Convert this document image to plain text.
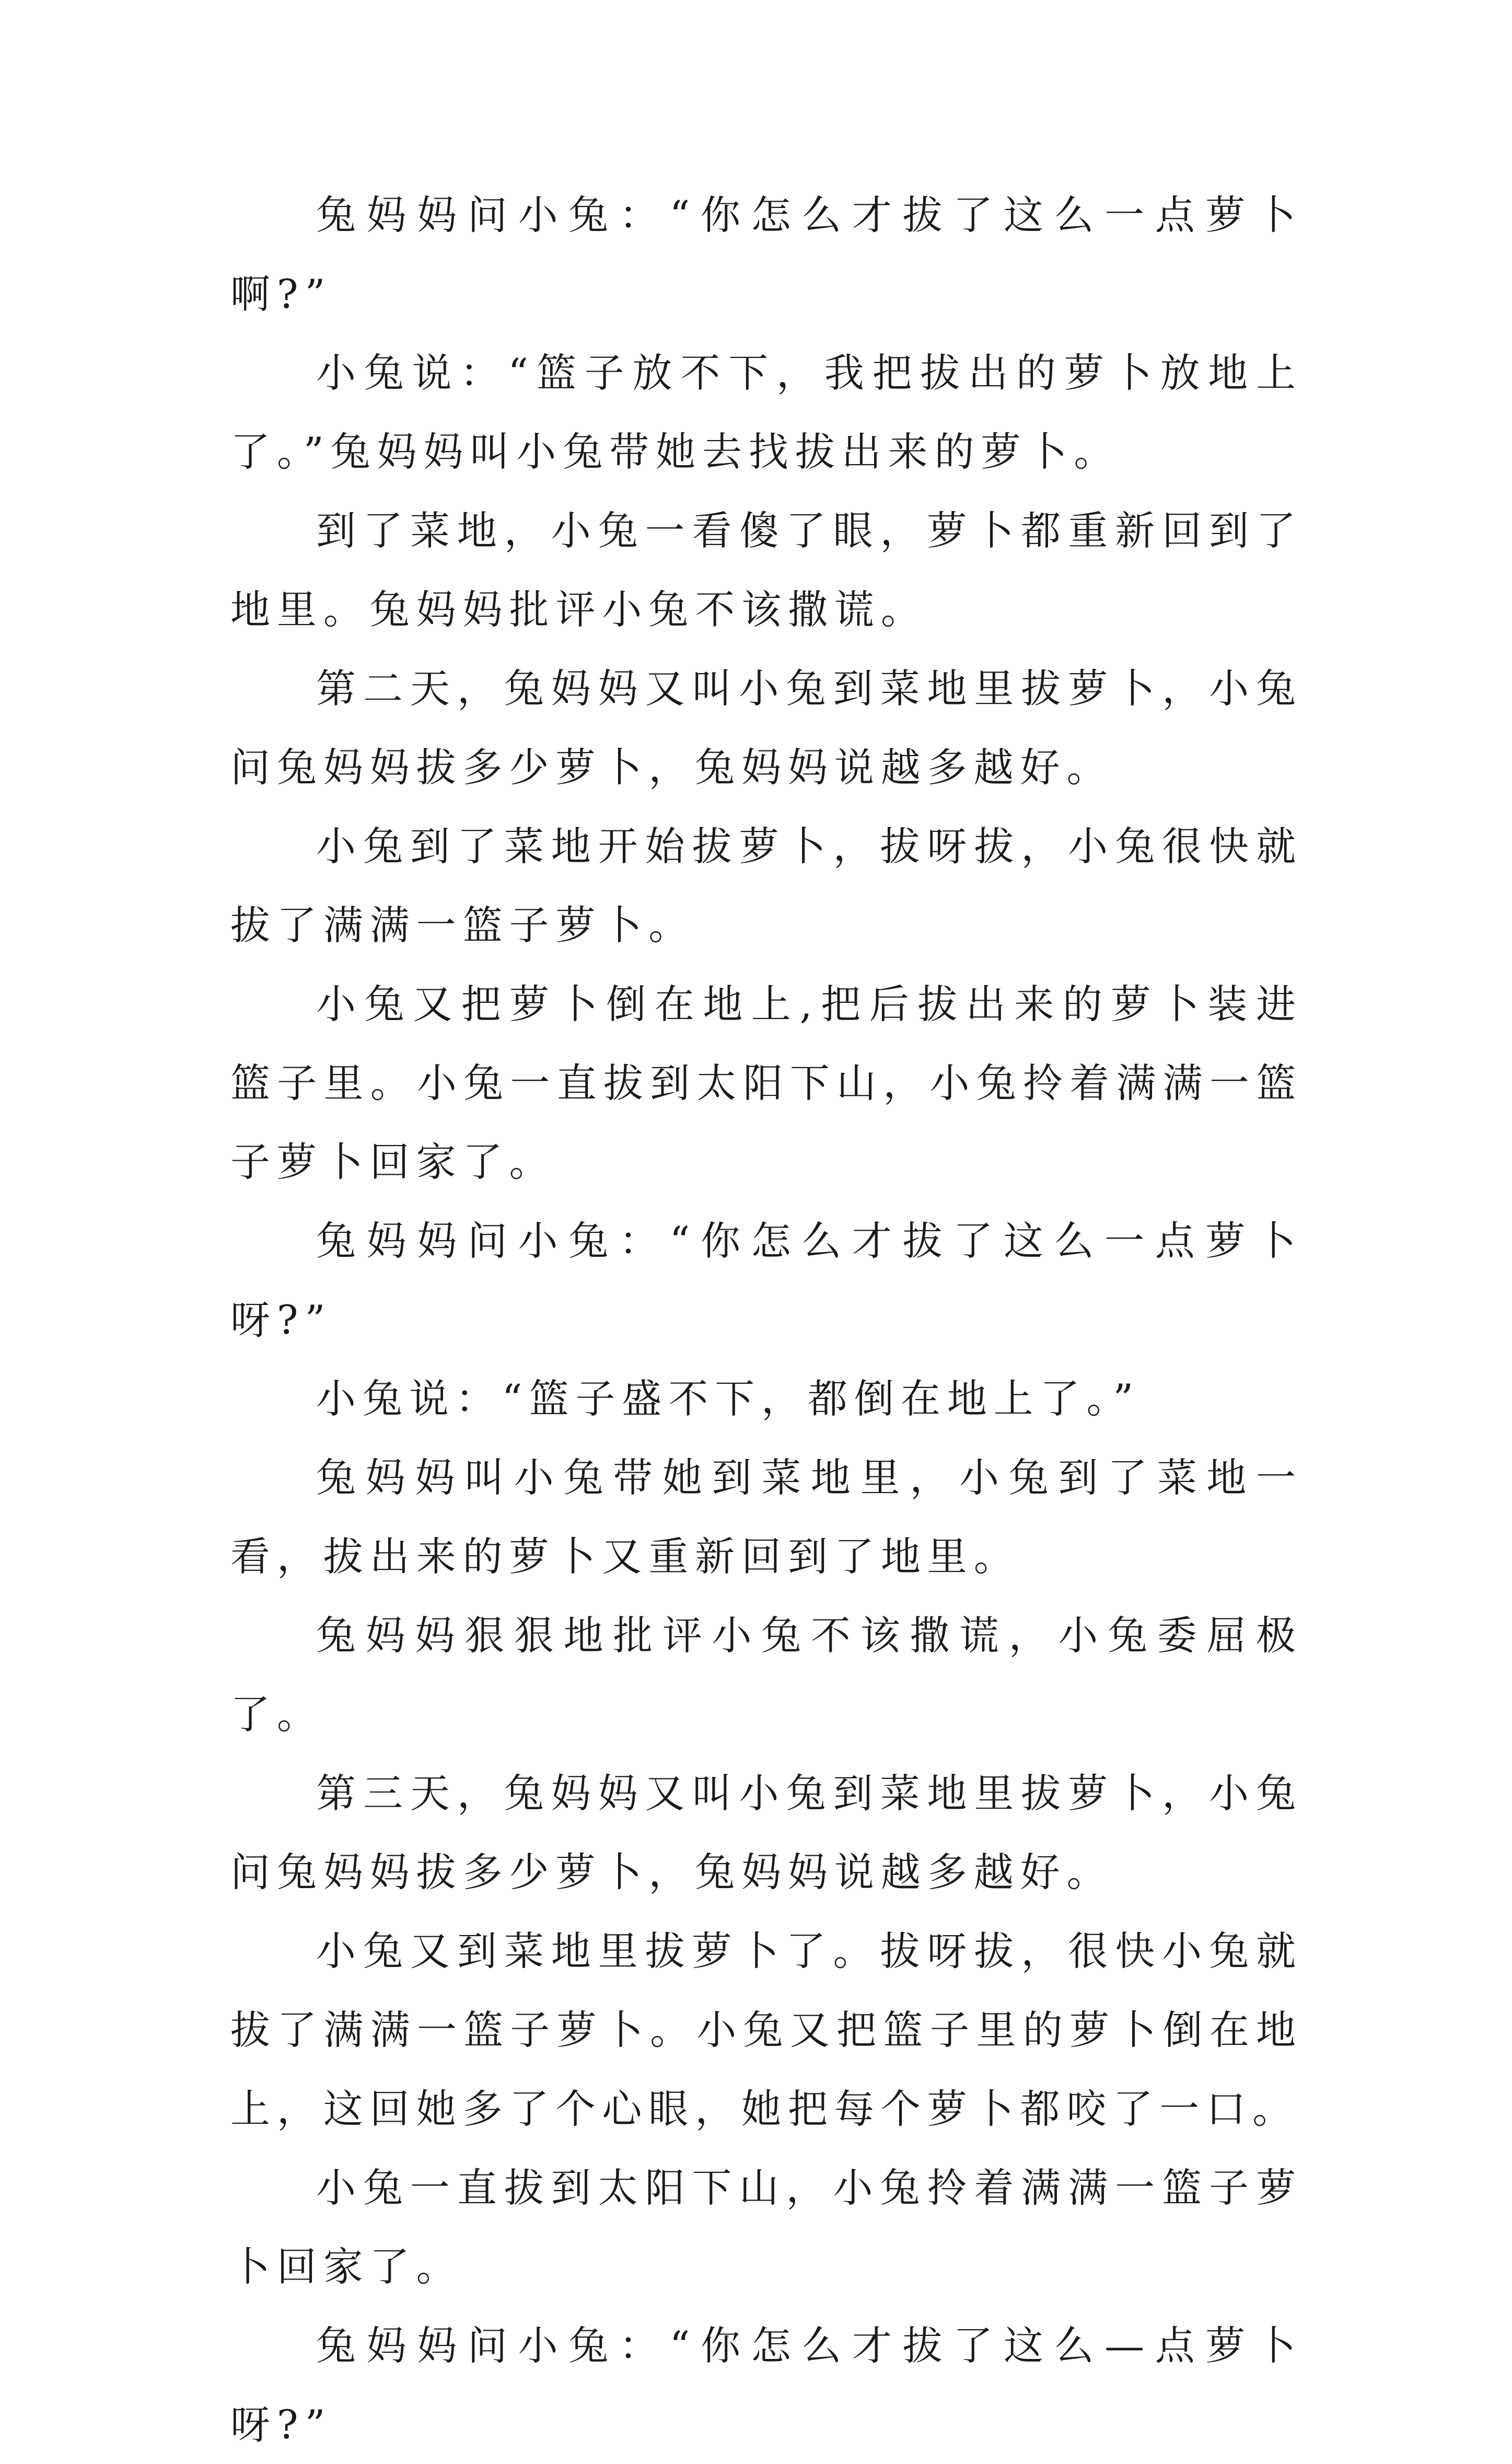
兔妈妈问小兔：“你怎么才拔了这么一点萝卜啊?”

小兔说：“篮子放不下，我把拔出的萝卜放地上了。”兔妈妈叫小兔带她去找拔出来的萝卜。

到了菜地，小兔一看傻了眼，萝卜都重新回到了地里。兔妈妈批评小兔不该撒谎。

第二天，兔妈妈又叫小兔到菜地里拔萝卜，小兔问兔妈妈拔多少萝卜，兔妈妈说越多越好。

小兔到了菜地开始拔萝卜，拔呀拔，小兔很快就拔了满满一篮子萝卜。

小兔又把萝卜倒在地上,把后拔出来的萝卜装进篮子里。小兔一直拔到太阳下山，小兔拎着满满一篮子萝卜回家了。

兔妈妈问小兔：“你怎么才拔了这么一点萝卜呀?”

小兔说：“篮子盛不下，都倒在地上了。”

兔妈妈叫小兔带她到菜地里，小兔到了菜地一看，拔出来的萝卜又重新回到了地里。

兔妈妈狠狠地批评小兔不该撒谎，小兔委屈极了。

第三天，兔妈妈又叫小兔到菜地里拔萝卜，小兔问兔妈妈拔多少萝卜，兔妈妈说越多越好。

小兔又到菜地里拔萝卜了。拔呀拔，很快小兔就拔了满满一篮子萝卜。小兔又把篮子里的萝卜倒在地上，这回她多了个心眼，她把每个萝卜都咬了一口。

小兔一直拔到太阳下山，小兔拎着满满一篮子萝卜回家了。

兔妈妈问小兔：“你怎么才拔了这么—点萝卜呀?”
